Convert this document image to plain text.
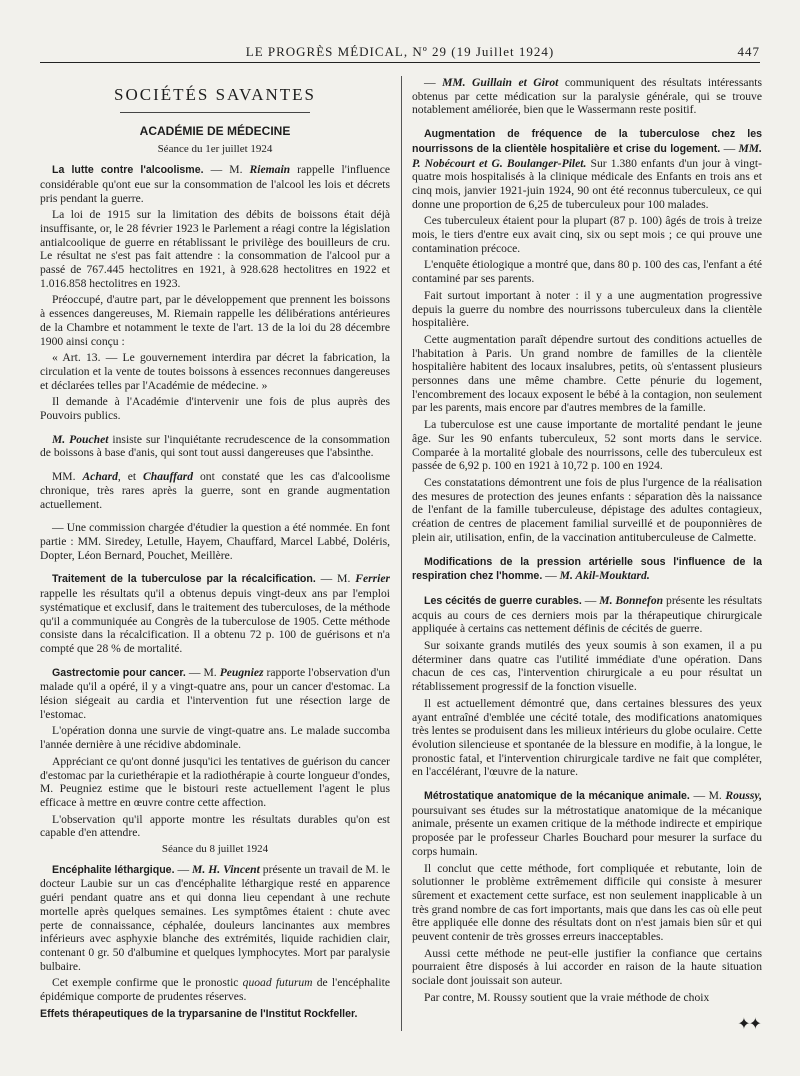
LE PROGRÈS MÉDICAL, Nº 29 (19 Juillet 1924)	447
SOCIÉTÉS SAVANTES
ACADÉMIE DE MÉDECINE
Séance du 1er juillet 1924

La lutte contre l'alcoolisme. — M. Riemain rappelle l'influence considérable qu'ont eue sur la consommation de l'alcool les lois et décrets pris pendant la guerre.

La loi de 1915 sur la limitation des débits de boissons était déjà insuffisante, or, le 28 février 1923 le Parlement a réagi contre la législation antialcoolique de guerre en rétablissant le privilège des bouilleurs de cru. Le résultat ne s'est pas fait attendre : la consommation de l'alcool pur a passé de 767.445 hectolitres en 1921, à 928.628 hectolitres en 1922 et 1.016.858 hectolitres en 1923.

Préoccupé, d'autre part, par le développement que prennent les boissons à essences dangereuses, M. Riemain rappelle les délibérations antérieures de la Chambre et notamment le texte de l'art. 13 de la loi du 28 décembre 1900 ainsi conçu :

« Art. 13. — Le gouvernement interdira par décret la fabrication, la circulation et la vente de toutes boissons à essences reconnues dangereuses et déclarées telles par l'Académie de médecine. »

Il demande à l'Académie d'intervenir une fois de plus auprès des Pouvoirs publics.

M. Pouchet insiste sur l'inquiétante recrudescence de la consommation de boissons à base d'anis, qui sont tout aussi dangereuses que l'absinthe.

MM. Achard, et Chauffard ont constaté que les cas d'alcoolisme chronique, très rares après la guerre, sont en grande augmentation actuellement.

— Une commission chargée d'étudier la question a été nommée. En font partie : MM. Siredey, Letulle, Hayem, Chauffard, Marcel Labbé, Doléris, Dopter, Léon Bernard, Pouchet, Meillère.

Traitement de la tuberculose par la récalcification. — M. Ferrier rappelle les résultats qu'il a obtenus depuis vingt-deux ans par l'emploi systématique et exclusif, dans le traitement des tuberculoses, de la méthode qu'il a communiquée au Congrès de la tuberculose de 1905. Cette méthode consiste dans la récalcification. Il a obtenu 72 p. 100 de guérisons et n'a compté que 28 % de mortalité.

Gastrectomie pour cancer. — M. Peugniez rapporte l'observation d'un malade qu'il a opéré, il y a vingt-quatre ans, pour un cancer d'estomac. La lésion siégeait au cardia et l'intervention fut une résection large de l'estomac.

L'opération donna une survie de vingt-quatre ans. Le malade succomba l'année dernière à une récidive abdominale.

Appréciant ce qu'ont donné jusqu'ici les tentatives de guérison du cancer d'estomac par la curiethérapie et la radiothérapie à courte longueur d'ondes, M. Peugniez estime que le bistouri reste actuellement l'agent le plus efficace à mettre en œuvre contre cette affection.

L'observation qu'il apporte montre les résultats durables qu'on est capable d'en attendre.

Séance du 8 juillet 1924

Encéphalite léthargique. — M. H. Vincent présente un travail de M. le docteur Laubie sur un cas d'encéphalite léthargique resté en apparence guéri pendant quatre ans et qui donna lieu cependant à une rechute mortelle après quelques semaines. Les symptômes étaient : chute avec perte de connaissance, céphalée, douleurs lancinantes aux membres inférieurs avec asphyxie blanche des extrémités, liquide rachidien clair, contenant 0 gr. 50 d'albumine et quelques lymphocytes. Mort par paralysie bulbaire.

Cet exemple confirme que le pronostic quoad futurum de l'encéphalite épidémique comporte de prudentes réserves.

Effets thérapeutiques de la tryparsanine de l'Institut Rockfeller.

— MM. Guillain et Girot communiquent des résultats intéressants obtenus par cette médication sur la paralysie générale, qui se trouve notablement améliorée, bien que le Wassermann reste positif.

Augmentation de fréquence de la tuberculose chez les nourrissons de la clientèle hospitalière et crise du logement. — MM. P. Nobécourt et G. Boulanger-Pilet. Sur 1.380 enfants d'un jour à vingt-quatre mois hospitalisés à la clinique médicale des Enfants en trois ans et cinq mois, janvier 1921-juin 1924, 90 ont été reconnus tuberculeux, ce qui donne une proportion de 6,25 de tuberculeux pour 100 malades.

Ces tuberculeux étaient pour la plupart (87 p. 100) âgés de trois à treize mois, le tiers d'entre eux avait cinq, six ou sept mois ; ce qui prouve une contamination précoce.

L'enquête étiologique a montré que, dans 80 p. 100 des cas, l'enfant a été contaminé par ses parents.

Fait surtout important à noter : il y a une augmentation progressive depuis la guerre du nombre des nourrissons tuberculeux dans la clientèle hospitalière.

Cette augmentation paraît dépendre surtout des conditions actuelles de l'habitation à Paris. Un grand nombre de familles de la clientèle hospitalière habitent des locaux insalubres, petits, où s'entassent plusieurs personnes dans une même chambre. Cette pénurie du logement, l'encombrement des locaux exposent le bébé à la contagion, non seulement par les parents, mais encore par d'autres membres de la famille.

La tuberculose est une cause importante de mortalité pendant le jeune âge. Sur les 90 enfants tuberculeux, 52 sont morts dans le service. Comparée à la mortalité globale des nourrissons, celle des tuberculeux est passée de 6,92 p. 100 en 1921 à 10,72 p. 100 en 1924.

Ces constatations démontrent une fois de plus l'urgence de la réalisation des mesures de protection des jeunes enfants : séparation dès la naissance de l'enfant de la famille tuberculeuse, dépistage des adultes contagieux, création de centres de placement familial surveillé et de pouponnières de plein air, utilisation, enfin, de la vaccination antituberculeuse de Calmette.

Modifications de la pression artérielle sous l'influence de la respiration chez l'homme. — M. Akil-Mouktard.

Les cécités de guerre curables. — M. Bonnefon présente les résultats acquis au cours de ces derniers mois par la thérapeutique chirurgicale appliquée à certains cas nettement définis de cécités de guerre.

Sur soixante grands mutilés des yeux soumis à son examen, il a pu déterminer dans quatre cas l'utilité immédiate d'une opération. Dans chacun de ces cas, l'intervention chirurgicale a eu pour résultat un rétablissement progressif de la fonction visuelle.

Il est actuellement démontré que, dans certaines blessures des yeux ayant entraîné d'emblée une cécité totale, des modifications anatomiques très lentes se produisent dans les milieux intérieurs du globe oculaire. Cette évolution silencieuse et spontanée de la blessure en modifie, à la longue, le pronostic fatal, et l'intervention chirurgicale tardive ne fait que compléter, en l'accélérant, l'œuvre de la nature.

Métrostatique anatomique de la mécanique animale. — M. Roussy, poursuivant ses études sur la métrostatique anatomique de la mécanique animale, présente un examen critique de la méthode indirecte et empirique proposée par le professeur Charles Bouchard pour mesurer la surface du corps humain.

Il conclut que cette méthode, fort compliquée et rebutante, loin de solutionner le problème extrêmement difficile qui consiste à mesurer sûrement et exactement cette surface, est non seulement inapplicable à un très grand nombre de cas fort importants, mais que dans les cas où elle peut être appliquée elle donne des résultats dont on n'est jamais bien sûr et qui peuvent contenir de très grosses erreurs inacceptables.

Aussi cette méthode ne peut-elle justifier la confiance que certains pourraient être disposés à lui accorder en raison de la haute situation sociale dont jouissait son auteur.

Par contre, M. Roussy soutient que la vraie méthode de choix

✦✦
